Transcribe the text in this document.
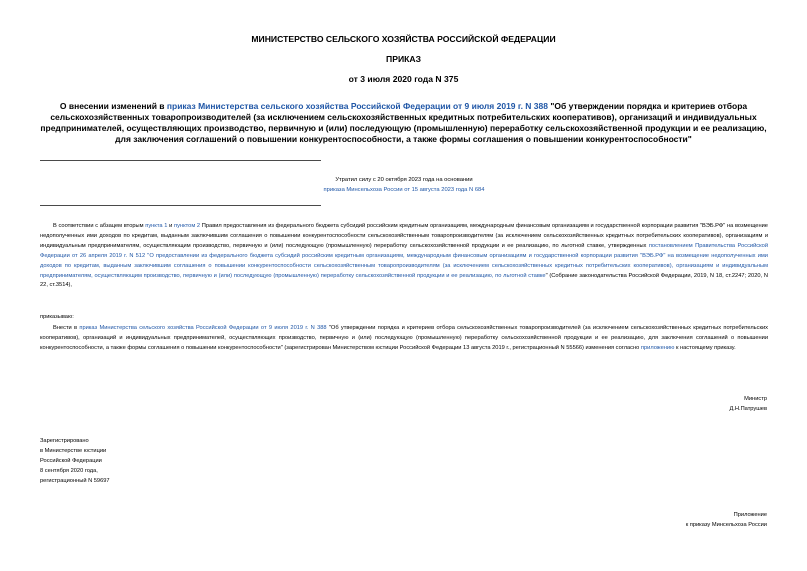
МИНИСТЕРСТВО СЕЛЬСКОГО ХОЗЯЙСТВА РОССИЙСКОЙ ФЕДЕРАЦИИ
ПРИКАЗ
от 3 июля 2020 года N 375
О внесении изменений в приказ Министерства сельского хозяйства Российской Федерации от 9 июля 2019 г. N 388 "Об утверждении порядка и критериев отбора сельскохозяйственных товаропроизводителей (за исключением сельскохозяйственных кредитных потребительских кооперативов), организаций и индивидуальных предпринимателей, осуществляющих производство, первичную и (или) последующую (промышленную) переработку сельскохозяйственной продукции и ее реализацию, для заключения соглашений о повышении конкурентоспособности, а также формы соглашения о повышении конкурентоспособности"
Утратил силу с 20 октября 2023 года на основании
приказа Минсельхоза России от 15 августа 2023 года N 684
В соответствии с абзацем вторым пункта 1 и пунктом 2 Правил предоставления из федерального бюджета субсидий российским кредитным организациям, международным финансовым организациям и государственной корпорации развития "ВЭБ.РФ" на возмещение недополученных ими доходов по кредитам, выданным заключившим соглашения о повышении конкурентоспособности сельскохозяйственным товаропроизводителям (за исключением сельскохозяйственных кредитных потребительских кооперативов), организациям и индивидуальным предпринимателям, осуществляющим производство, первичную и (или) последующую (промышленную) переработку сельскохозяйственной продукции и ее реализацию, по льготной ставке, утвержденных постановлением Правительства Российской Федерации от 26 апреля 2019 г. N 512 "О предоставлении из федерального бюджета субсидий российским кредитным организациям, международным финансовым организациям и государственной корпорации развития "ВЭБ.РФ" на возмещение недополученных ими доходов по кредитам, выданным заключившим соглашения о повышении конкурентоспособности сельскохозяйственным товаропроизводителям (за исключением сельскохозяйственных кредитных потребительских кооперативов), организациям и индивидуальным предпринимателям, осуществляющим производство, первичную и (или) последующую (промышленную) переработку сельскохозяйственной продукции и ее реализацию, по льготной ставке" (Собрание законодательства Российской Федерации, 2019, N 18, ст.2247; 2020, N 22, ст.3514),
приказываю:
Внести в приказ Министерства сельского хозяйства Российской Федерации от 9 июля 2019 г. N 388 "Об утверждении порядка и критериев отбора сельскохозяйственных товаропроизводителей (за исключением сельскохозяйственных кредитных потребительских кооперативов), организаций и индивидуальных предпринимателей, осуществляющих производство, первичную и (или) последующую (промышленную) переработку сельскохозяйственной продукции и ее реализацию, для заключения соглашений о повышении конкурентоспособности, а также формы соглашения о повышении конкурентоспособности" (зарегистрирован Министерством юстиции Российской Федерации 13 августа 2019 г., регистрационный N 55566) изменения согласно приложению к настоящему приказу.
Министр
Д.Н.Патрушев
Зарегистрировано
в Министерстве юстиции
Российской Федерации
8 сентября 2020 года,
регистрационный N 59697
Приложение
к приказу Минсельхоза России
